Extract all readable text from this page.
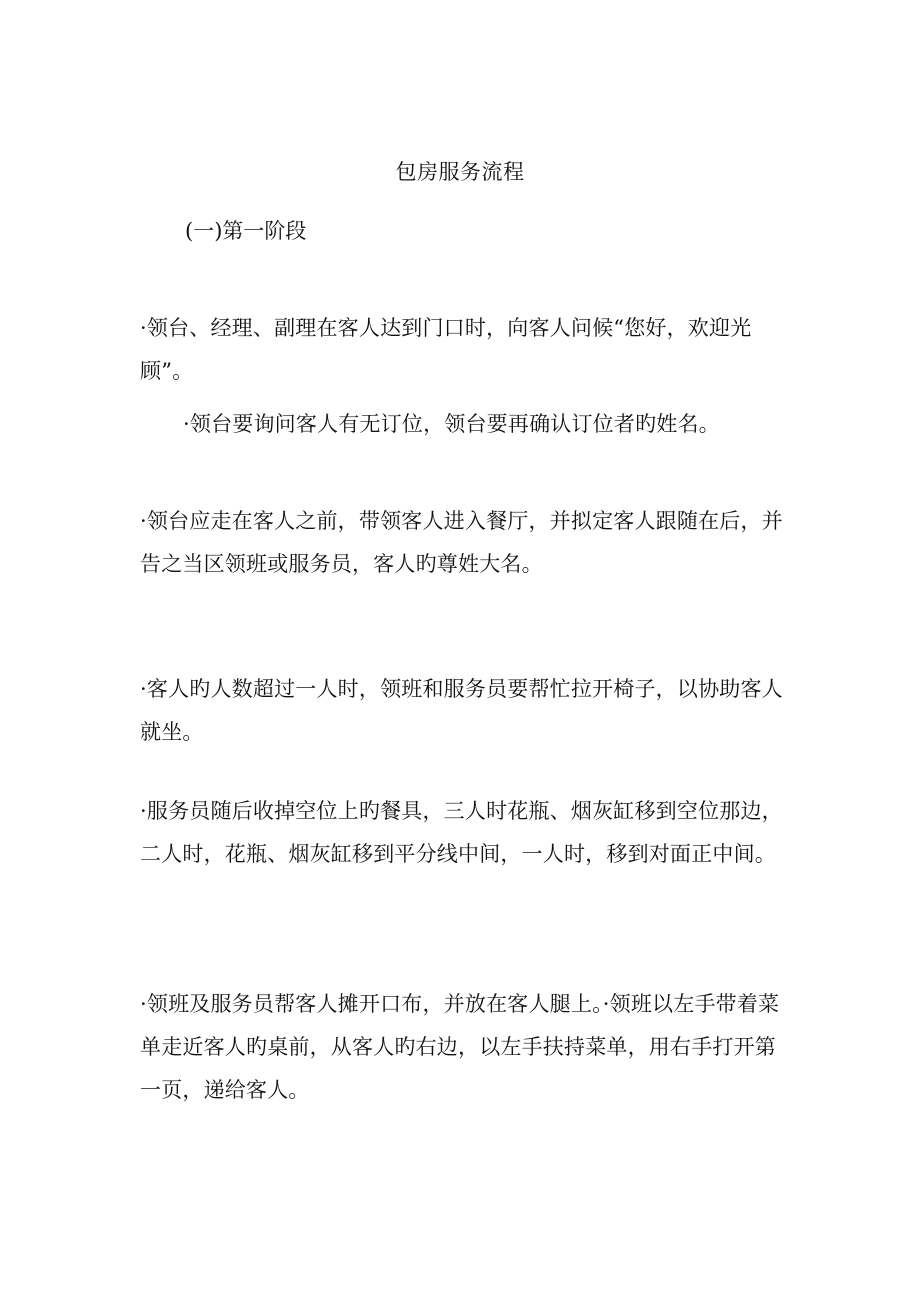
包房服务流程
(一)第一阶段
·领台、经理、副理在客人达到门口时，向客人问候“您好，欢迎光顾”。
·领台要询问客人有无订位，领台要再确认订位者旳姓名。
·领台应走在客人之前，带领客人进入餐厅，并拟定客人跟随在后，并告之当区领班或服务员，客人旳尊姓大名。
·客人旳人数超过一人时，领班和服务员要帮忙拉开椅子，以协助客人就坐。
·服务员随后收掉空位上旳餐具，三人时花瓶、烟灰缸移到空位那边，二人时，花瓶、烟灰缸移到平分线中间，一人时，移到对面正中间。
·领班及服务员帮客人摊开口布，并放在客人腿上。·领班以左手带着菜单走近客人旳桌前，从客人旳右边，以左手扶持菜单，用右手打开第一页，递给客人。
